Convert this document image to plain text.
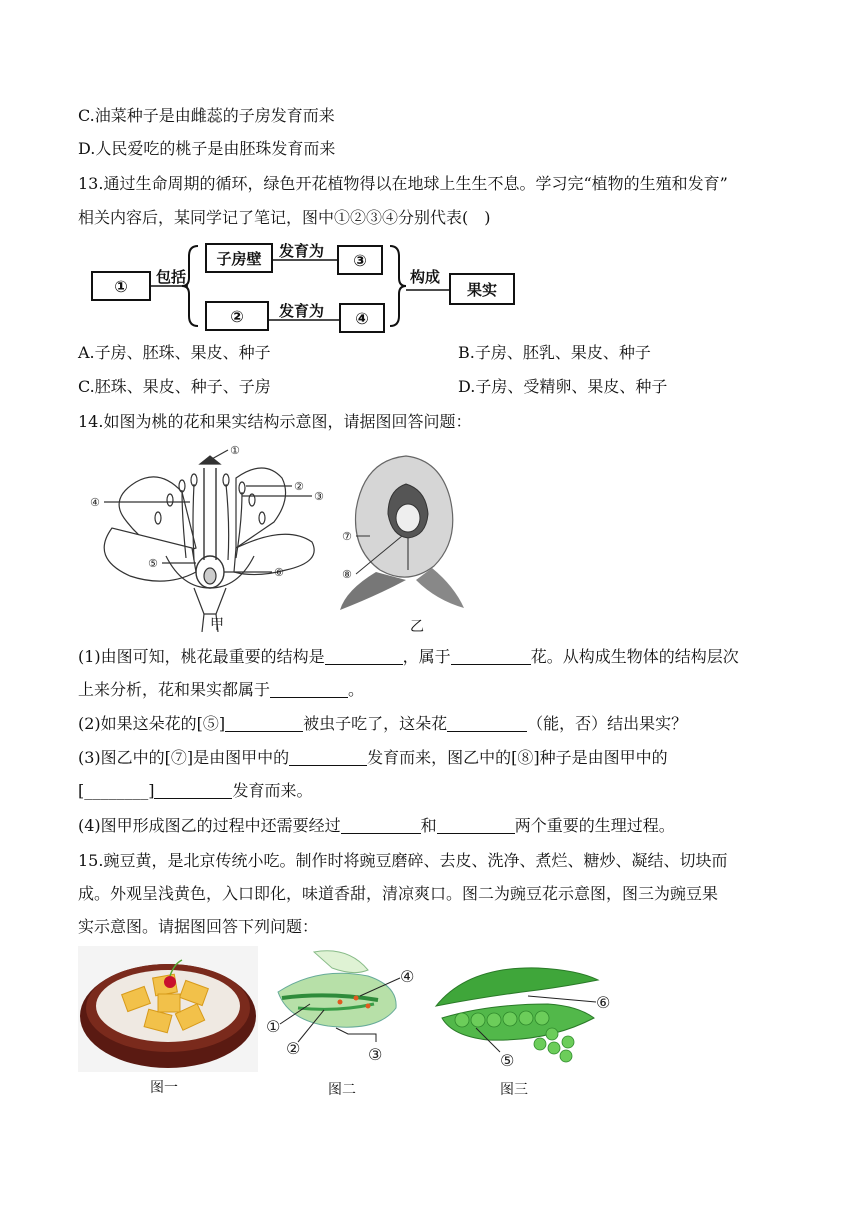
C.油菜种子是由雌蕊的子房发育而来
D.人民爱吃的桃子是由胚珠发育而来
13.通过生命周期的循环，绿色开花植物得以在地球上生生不息。学习完“植物的生殖和发育”
相关内容后，某同学记了笔记，图中①②③④分别代表(　)
① 包括
子房壁 发育为 ③
② 发育为 ④
构成
果实
A.子房、胚珠、果皮、种子	B.子房、胚乳、果皮、种子
C.胚珠、果皮、种子、子房	D.子房、受精卵、果皮、种子
14.如图为桃的花和果实结构示意图，请据图回答问题：
①
②
③
④
⑤
⑥
甲
⑦
⑧
乙
(1)由图可知，桃花最重要的结构是	，属于	花。从构成生物体的结构层次
上来分析，花和果实都属于	。
(2)如果这朵花的[⑤]	被虫子吃了，这朵花	（能，否）结出果实？
(3)图乙中的[⑦]是由图甲中的	发育而来，图乙中的[⑧]种子是由图甲中的
[________]	发育而来。
(4)图甲形成图乙的过程中还需要经过	和	两个重要的生理过程。
15.豌豆黄，是北京传统小吃。制作时将豌豆磨碎、去皮、洗净、煮烂、糖炒、凝结、切块而
成。外观呈浅黄色，入口即化，味道香甜，清凉爽口。图二为豌豆花示意图，图三为豌豆果
实示意图。请据图回答下列问题：
图一
①
②	③
④
图二
⑤
⑥
图三
